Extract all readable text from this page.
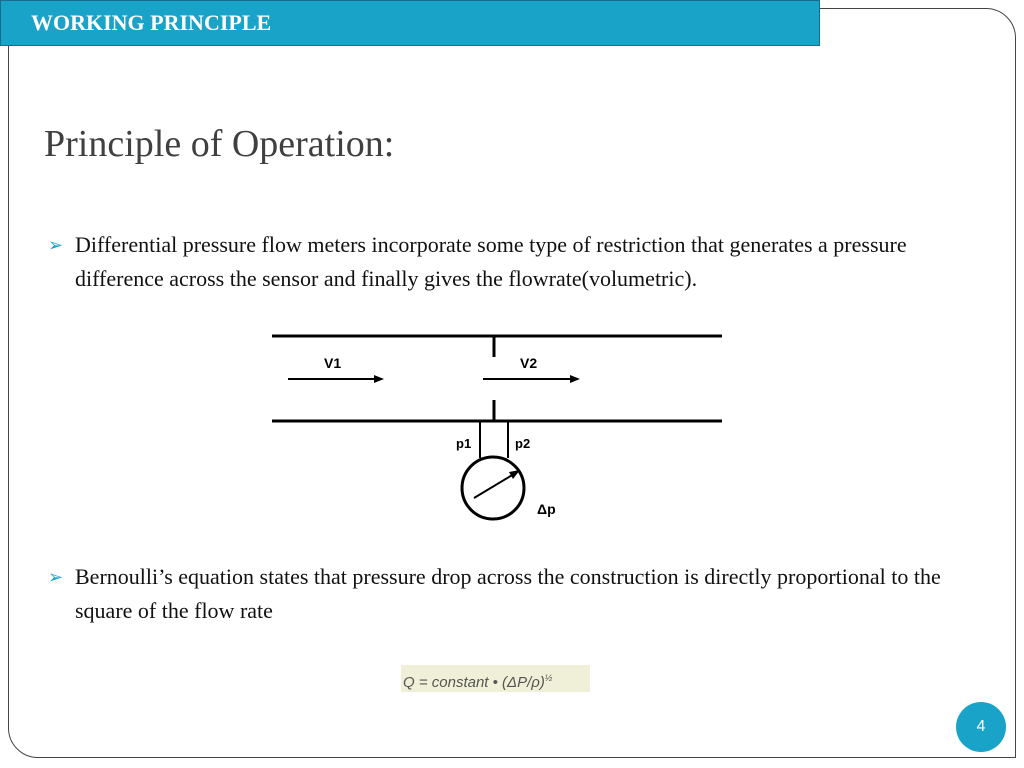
WORKING PRINCIPLE
Principle of Operation:
➢ Differential pressure flow meters incorporate some type of restriction that generates a pressure difference across the sensor and finally gives the flowrate(volumetric).
V1	V2
p1	p2
Δp
➢ Bernoulli’s equation states that pressure drop across the construction is directly proportional to the square of the flow rate
Q = constant • $(\Delta P/\rho)^{\frac{1}{2}}$
4
